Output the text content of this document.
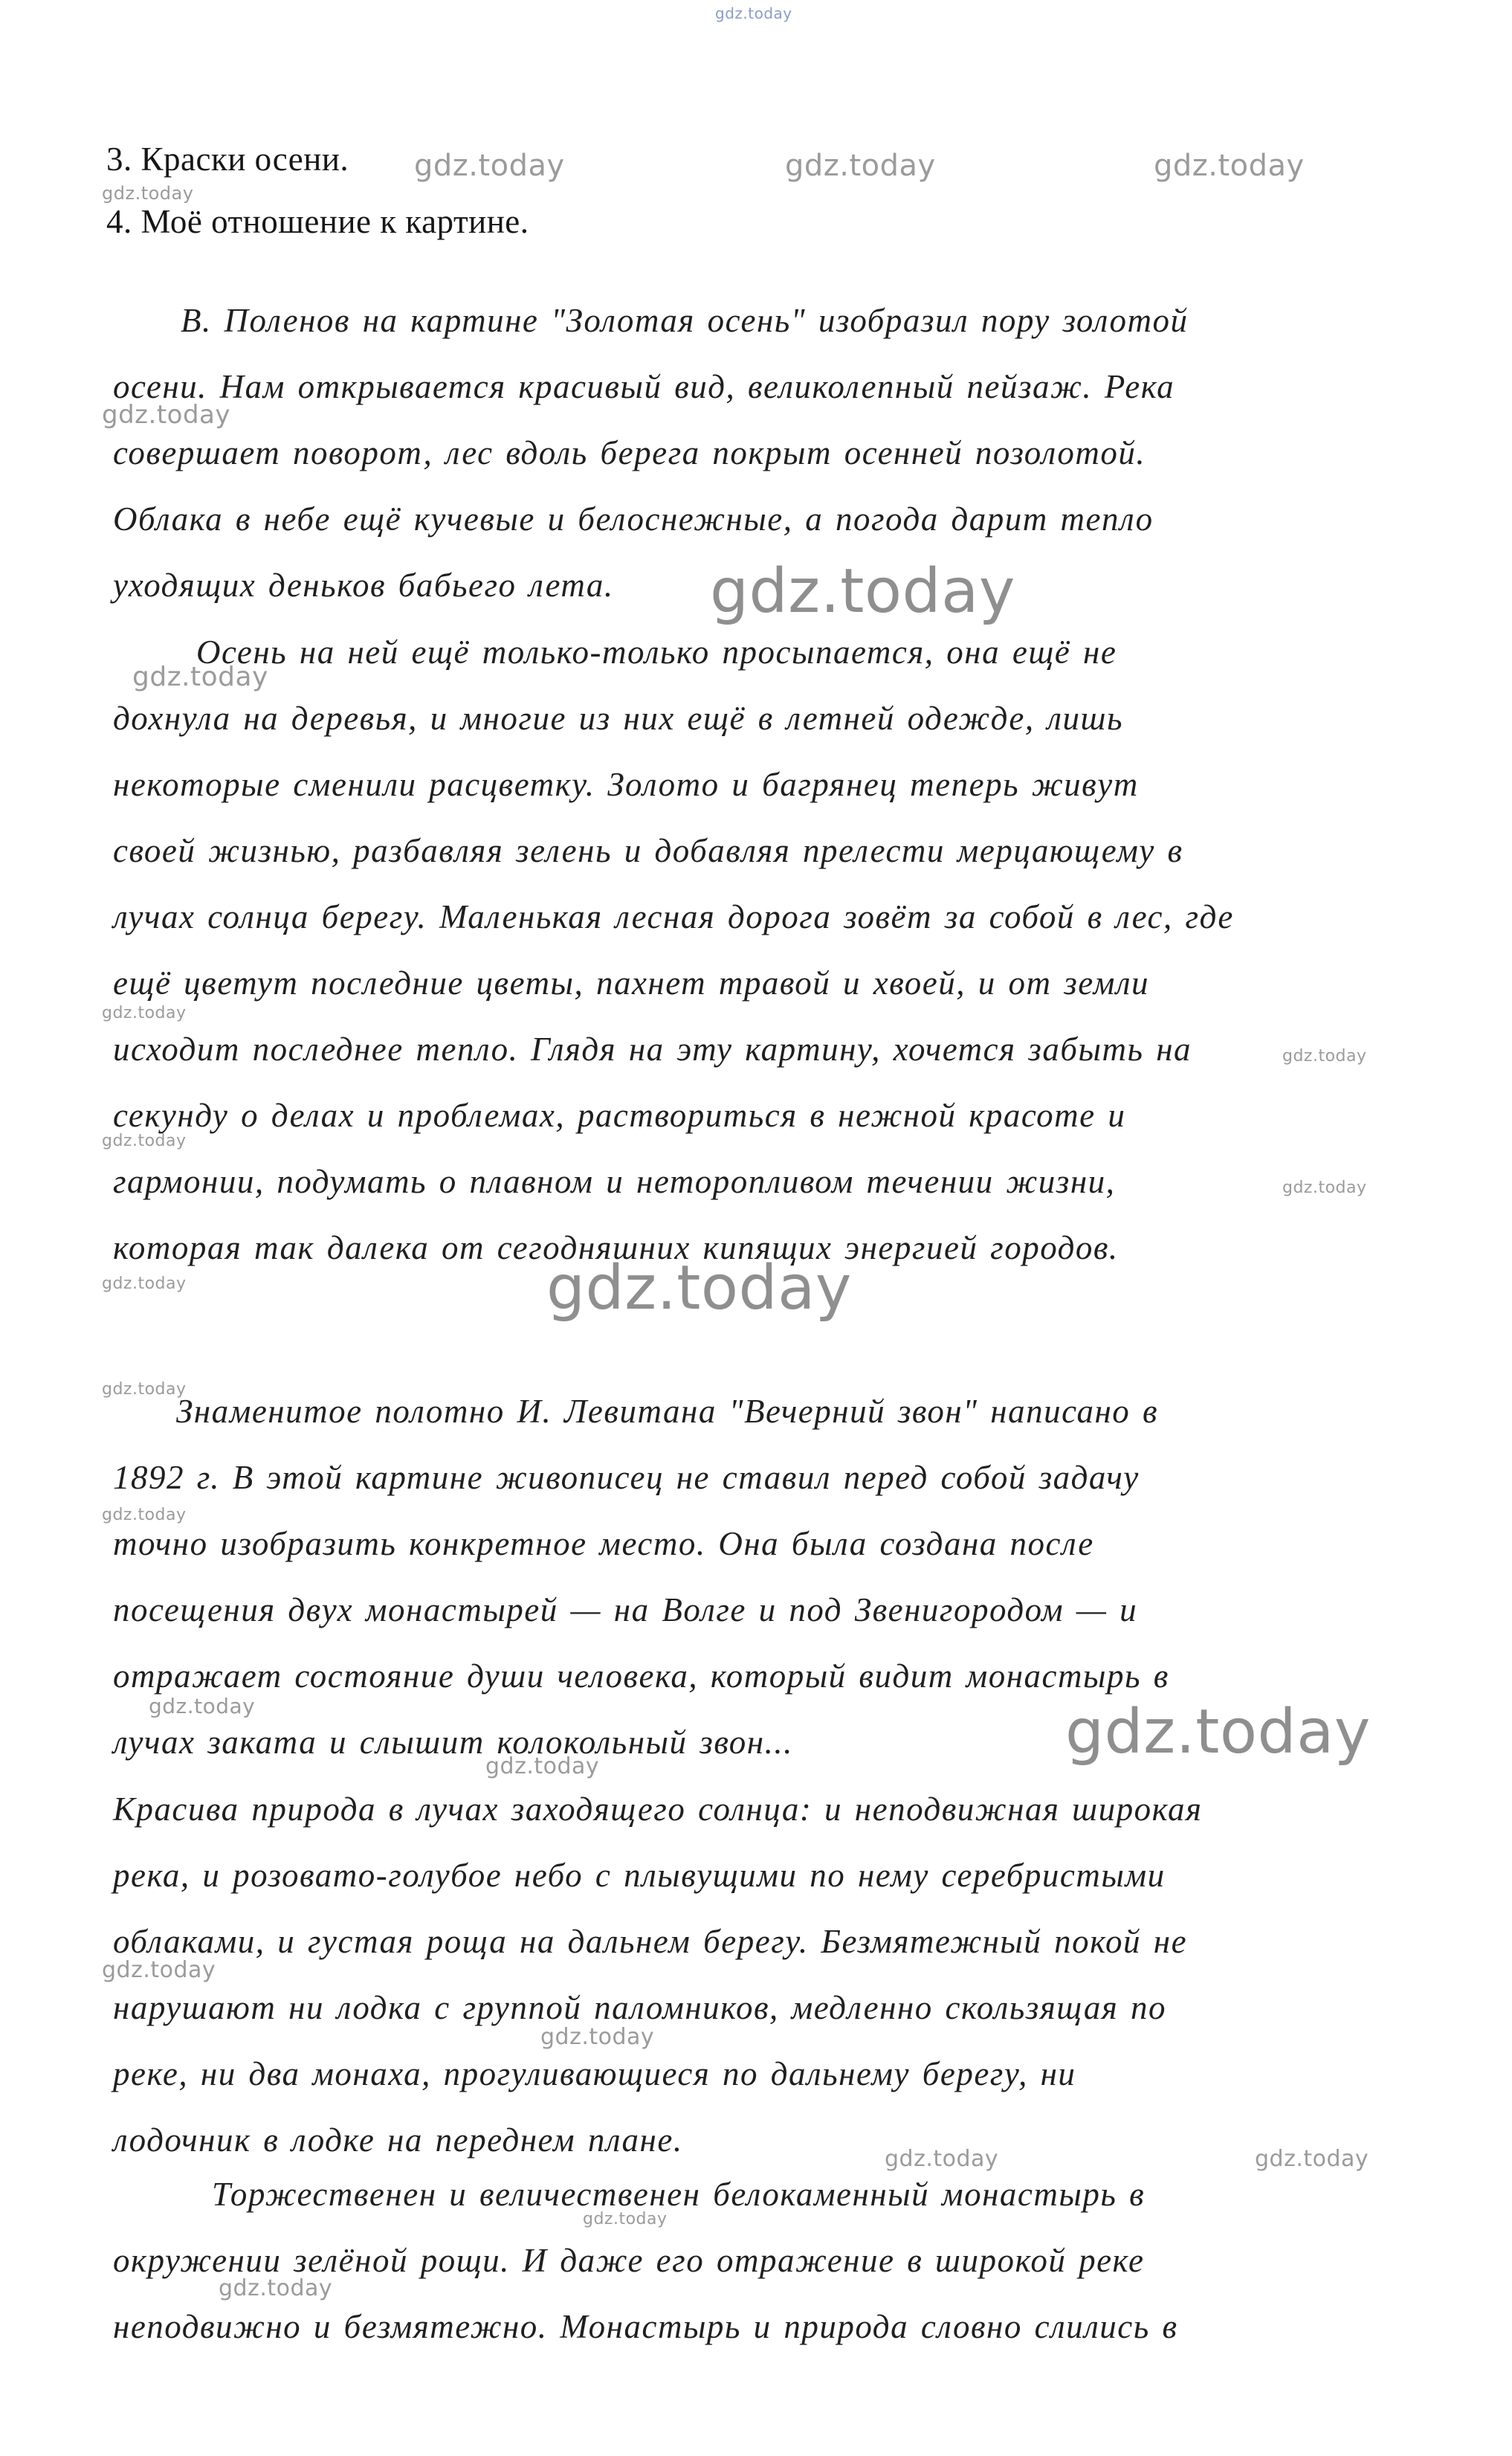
gdz.today
gdz.today	gdz.today	gdz.today
gdz.today
gdz.today
gdz.today
gdz.today
gdz.today
gdz.today
gdz.today
gdz.today
gdz.today	gdz.today
gdz.today
gdz.today
gdz.today	gdz.today
gdz.today
gdz.today
gdz.today
gdz.today	gdz.today
gdz.today
gdz.today
3. Краски осени.
4. Моё отношение к картине.
В. Поленов на картине "Золотая осень" изобразил пору золотой
осени. Нам открывается красивый вид, великолепный пейзаж. Река
совершает поворот, лес вдоль берега покрыт осенней позолотой.
Облака в небе ещё кучевые и белоснежные, а погода дарит тепло
уходящих деньков бабьего лета.
Осень на ней ещё только-только просыпается, она ещё не
дохнула на деревья, и многие из них ещё в летней одежде, лишь
некоторые сменили расцветку. Золото и багрянец теперь живут
своей жизнью, разбавляя зелень и добавляя прелести мерцающему в
лучах солнца берегу. Маленькая лесная дорога зовёт за собой в лес, где
ещё цветут последние цветы, пахнет травой и хвоей, и от земли
исходит последнее тепло. Глядя на эту картину, хочется забыть на
секунду о делах и проблемах, раствориться в нежной красоте и
гармонии, подумать о плавном и неторопливом течении жизни,
которая так далека от сегодняшних кипящих энергией городов.
Знаменитое полотно И. Левитана "Вечерний звон" написано в
1892 г. В этой картине живописец не ставил перед собой задачу
точно изобразить конкретное место. Она была создана после
посещения двух монастырей — на Волге и под Звенигородом — и
отражает состояние души человека, который видит монастырь в
лучах заката и слышит колокольный звон...
Красива природа в лучах заходящего солнца: и неподвижная широкая
река, и розовато-голубое небо с плывущими по нему серебристыми
облаками, и густая роща на дальнем берегу. Безмятежный покой не
нарушают ни лодка с группой паломников, медленно скользящая по
реке, ни два монаха, прогуливающиеся по дальнему берегу, ни
лодочник в лодке на переднем плане.
Торжественен и величественен белокаменный монастырь в
окружении зелёной рощи. И даже его отражение в широкой реке
неподвижно и безмятежно. Монастырь и природа словно слились в
